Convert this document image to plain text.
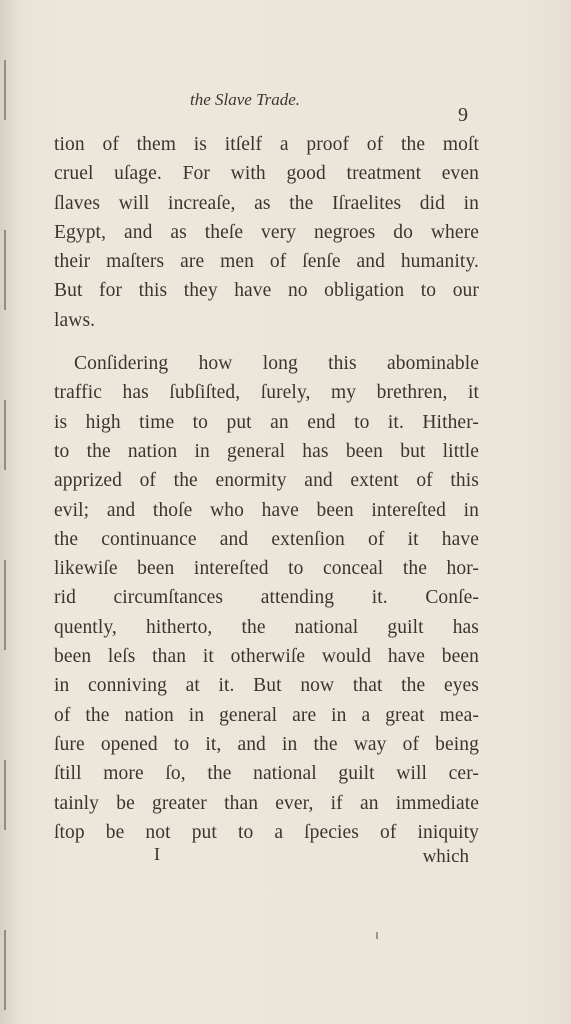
the Slave Trade.
9
tion of them is itſelf a proof of the moſt
cruel uſage. For with good treatment even
ſlaves will increaſe, as the Iſraelites did in
Egypt, and as theſe very negroes do where
their maſters are men of ſenſe and humanity.
But for this they have no obligation to our
laws.
Conſidering how long this abominable
traffic has ſubſiſted, ſurely, my brethren, it
is high time to put an end to it. Hither-
to the nation in general has been but little
apprized of the enormity and extent of this
evil; and thoſe who have been intereſted in
the continuance and extenſion of it have
likewiſe been intereſted to conceal the hor-
rid circumſtances attending it. Conſe-
quently, hitherto, the national guilt has
been leſs than it otherwiſe would have been
in conniving at it. But now that the eyes
of the nation in general are in a great mea-
ſure opened to it, and in the way of being
ſtill more ſo, the national guilt will cer-
tainly be greater than ever, if an immediate
ſtop be not put to a ſpecies of iniquity
I	which
